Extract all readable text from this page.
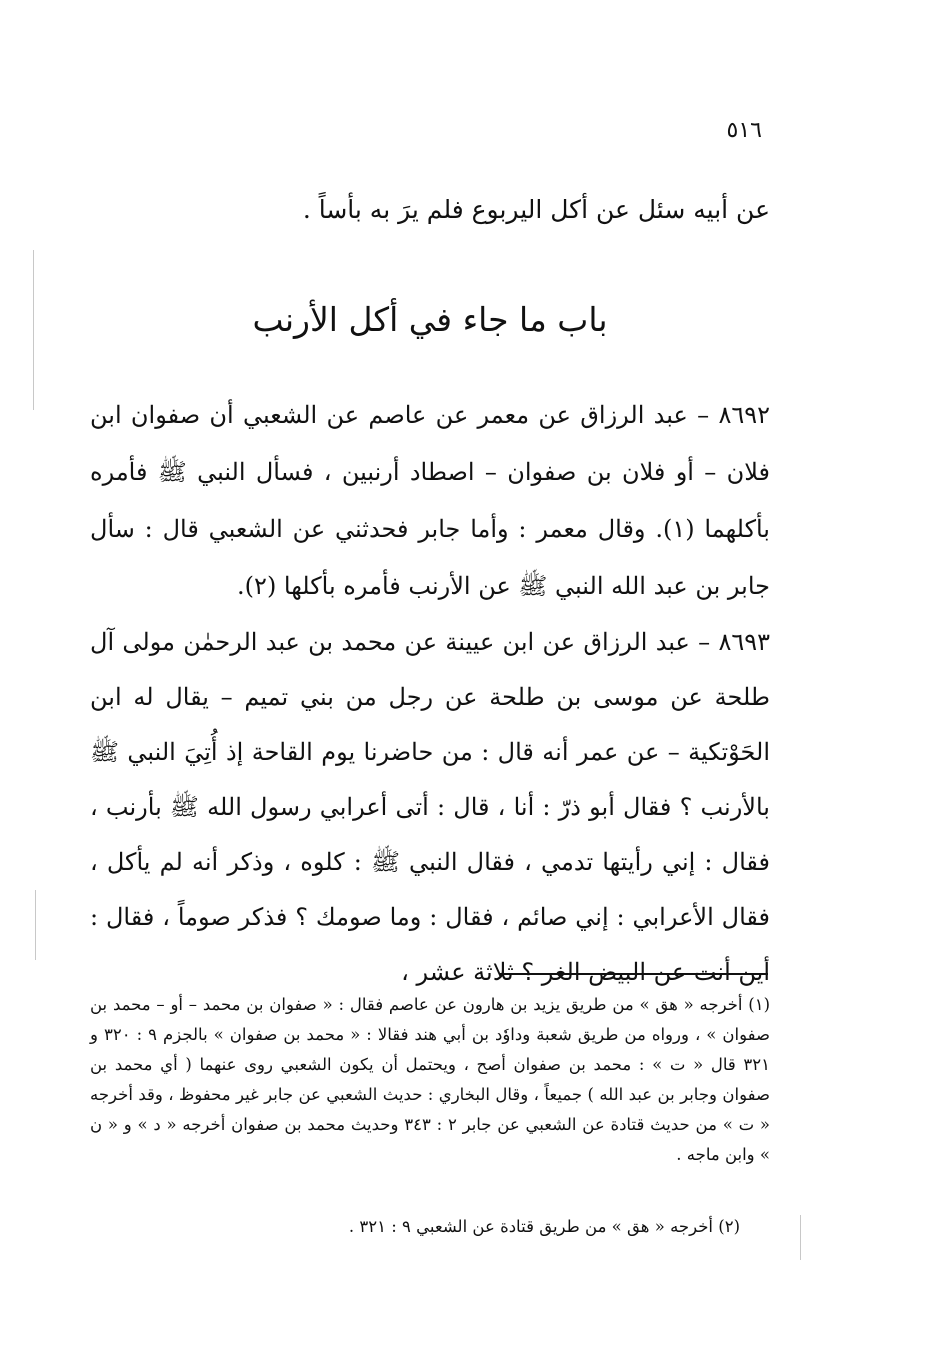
٥١٦
عن أبيه سئل عن أكل اليربوع فلم يرَ به بأساً .
باب ما جاء في أكل الأرنب
٨٦٩٢ – عبد الرزاق عن معمر عن عاصم عن الشعبي أن صفوان ابن فلان – أو فلان بن صفوان – اصطاد أرنبين ، فسأل النبي ﷺ فأمره بأكلهما (١). وقال معمر : وأما جابر فحدثني عن الشعبي قال : سأل جابر بن عبد الله النبي ﷺ عن الأرنب فأمره بأكلها (٢).
٨٦٩٣ – عبد الرزاق عن ابن عيينة عن محمد بن عبد الرحمٰن مولى آل طلحة عن موسى بن طلحة عن رجل من بني تميم – يقال له ابن الحَوْتكية – عن عمر أنه قال : من حاضرنا يوم القاحة إذ أُتِيَ النبي ﷺ بالأرنب ؟ فقال أبو ذرّ : أنا ، قال : أتى أعرابي رسول الله ﷺ بأرنب ، فقال : إني رأيتها تدمي ، فقال النبي ﷺ : كلوه ، وذكر أنه لم يأكل ، فقال الأعرابي : إني صائم ، فقال : وما صومك ؟ فذكر صوماً ، فقال : أين أنت عن البيض الغر ؟ ثلاثة عشر ،
(١) أخرجه « هق » من طريق يزيد بن هارون عن عاصم فقال : « صفوان بن محمد – أو – محمد بن صفوان » ، ورواه من طريق شعبة وداوٗد بن أبي هند فقالا : « محمد بن صفوان » بالجزم ٩ : ٣٢٠ و ٣٢١ قال « ت » : محمد بن صفوان أصح ، ويحتمل أن يكون الشعبي روى عنهما ( أي محمد بن صفوان وجابر بن عبد الله ) جميعاً ، وقال البخاري : حديث الشعبي عن جابر غير محفوظ ، وقد أخرجه « ت » من حديث قتادة عن الشعبي عن جابر ٢ : ٣٤٣ وحديث محمد بن صفوان أخرجه « د » و « ن » وابن ماجه .
(٢) أخرجه « هق » من طريق قتادة عن الشعبي ٩ : ٣٢١ .
